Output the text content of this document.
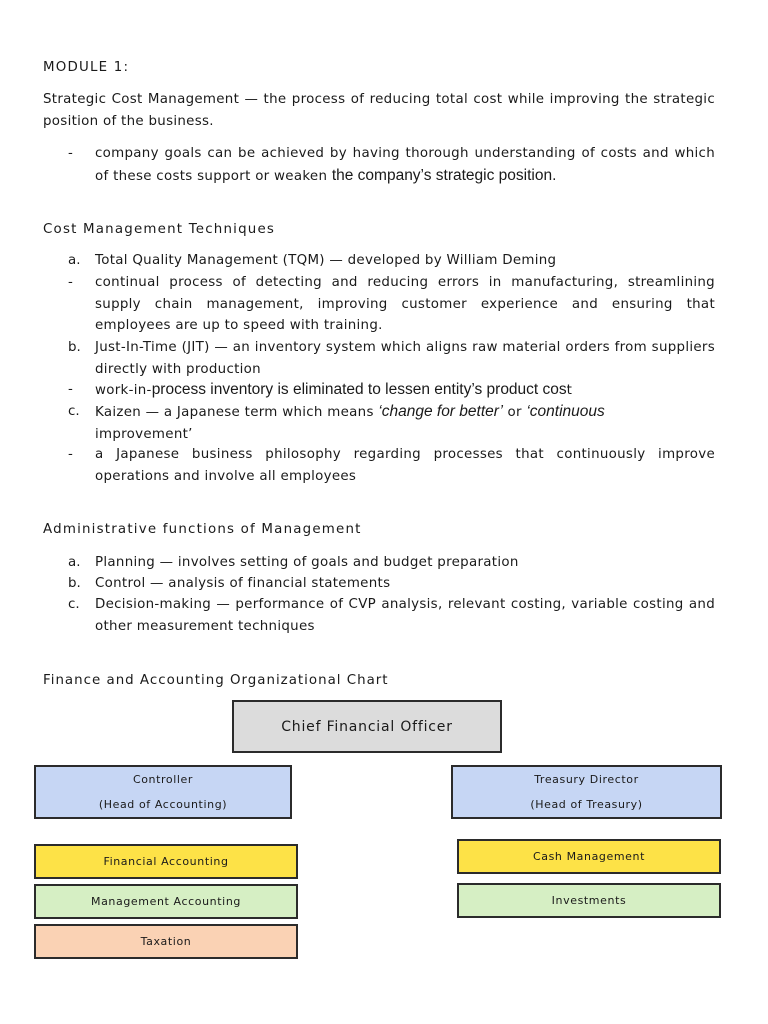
MODULE 1:

Strategic Cost Management — the process of reducing total cost while improving the strategic position of the business.

- company goals can be achieved by having thorough understanding of costs and which of these costs support or weaken the company’s strategic position.

Cost Management Techniques

a. Total Quality Management (TQM) — developed by William Deming

- continual process of detecting and reducing errors in manufacturing, streamlining supply chain management, improving customer experience and ensuring that employees are up to speed with training.

b. Just-In-Time (JIT) — an inventory system which aligns raw material orders from suppliers directly with production

- work-in-process inventory is eliminated to lessen entity’s product cost

c. Kaizen — a Japanese term which means ‘change for better’ or ‘continuous
improvement’

- a Japanese business philosophy regarding processes that continuously improve operations and involve all employees

Administrative functions of Management

a. Planning — involves setting of goals and budget preparation

b. Control — analysis of financial statements

c. Decision-making — performance of CVP analysis, relevant costing, variable costing and other measurement techniques

Finance and Accounting Organizational Chart

Chief Financial Officer
Controller
(Head of Accounting)
Treasury Director
(Head of Treasury)
Financial Accounting
Management Accounting
Taxation
Cash Management
Investments
